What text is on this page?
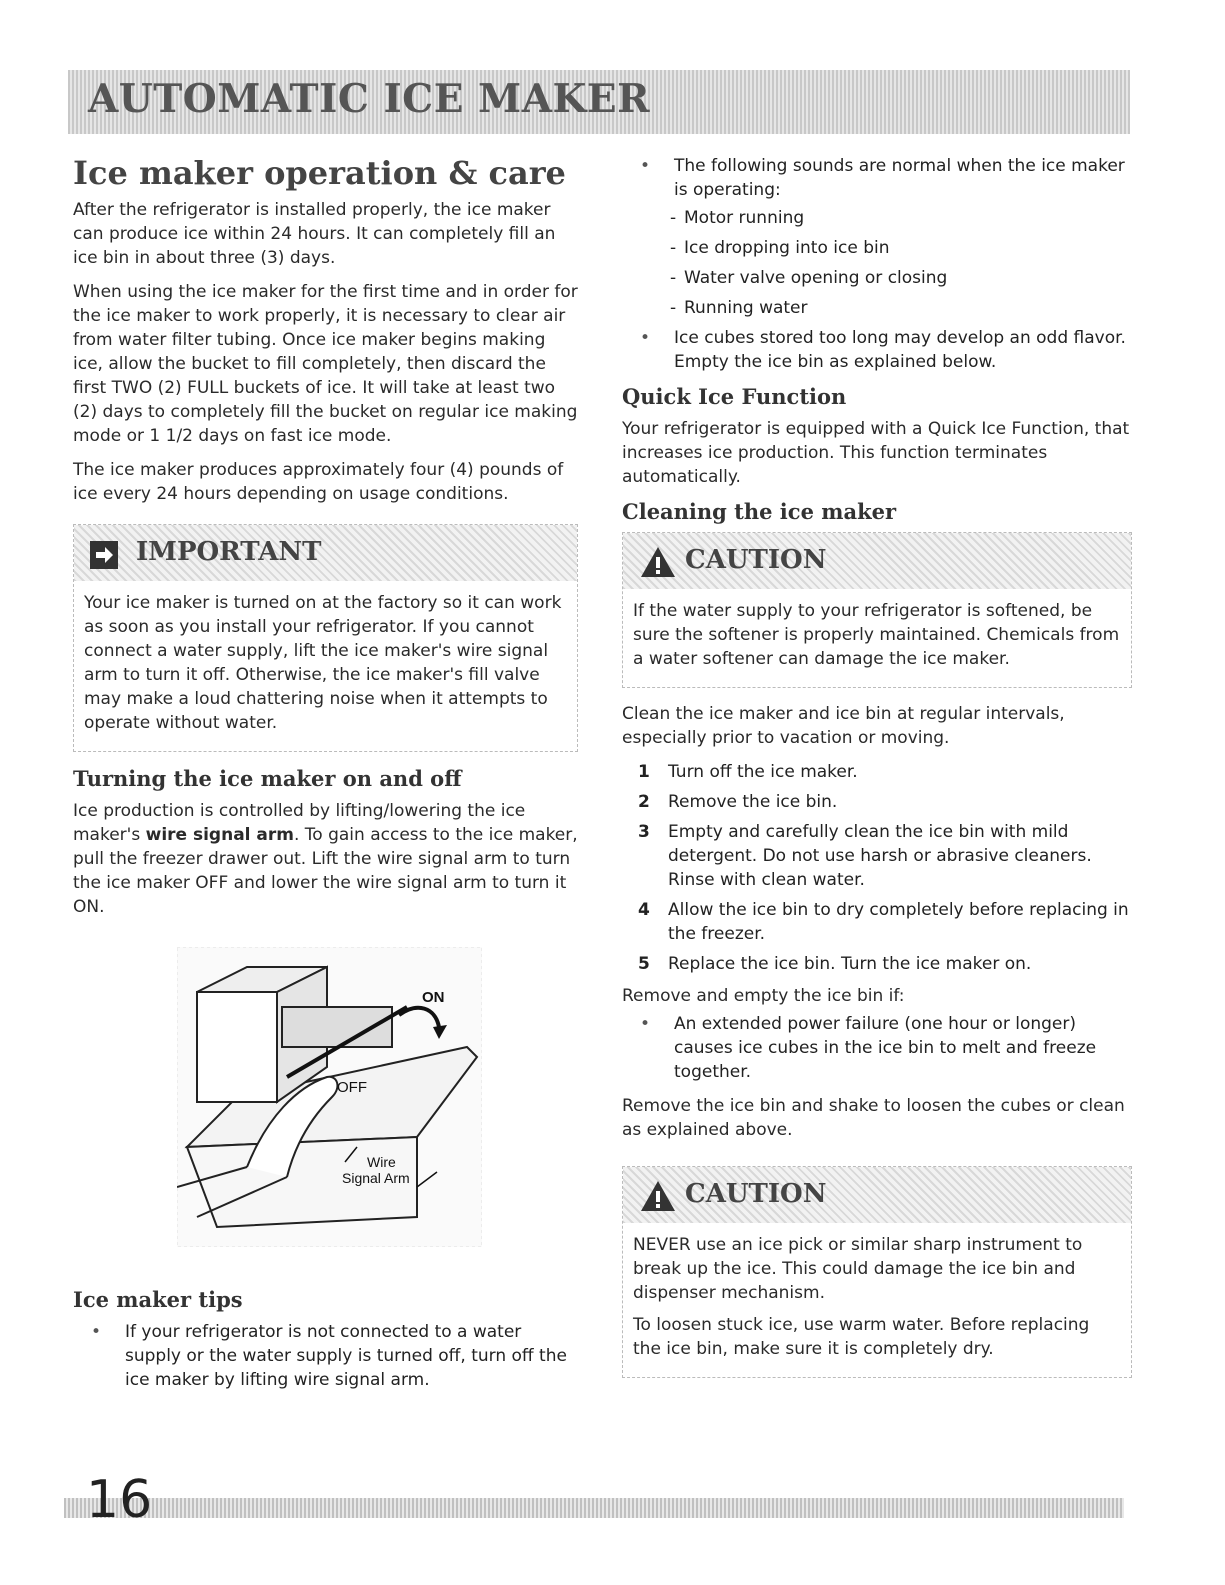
AUTOMATIC ICE MAKER
Ice maker operation & care

After the refrigerator is installed properly, the ice maker can produce ice within 24 hours. It can completely fill an ice bin in about three (3) days.

When using the ice maker for the first time and in order for the ice maker to work properly, it is necessary to clear air from water filter tubing. Once ice maker begins making ice, allow the bucket to fill completely, then discard the first TWO (2) FULL buckets of ice. It will take at least two (2) days to completely fill the bucket on regular ice making mode or 1 1/2 days on fast ice mode.

The ice maker produces approximately four (4) pounds of ice every 24 hours depending on usage conditions.

IMPORTANT

Your ice maker is turned on at the factory so it can work as soon as you install your refrigerator. If you cannot connect a water supply, lift the ice maker's wire signal arm to turn it off. Otherwise, the ice maker's fill valve may make a loud chattering noise when it attempts to operate without water.

Turning the ice maker on and off

Ice production is controlled by lifting/lowering the ice maker's wire signal arm. To gain access to the ice maker, pull the freezer drawer out. Lift the wire signal arm to turn the ice maker OFF and lower the wire signal arm to turn it ON.

ON
OFF
Wire
Signal Arm
Ice maker tips
• If your refrigerator is not connected to a water supply or the water supply is turned off, turn off the ice maker by lifting wire signal arm.
• The following sounds are normal when the ice maker is operating:
- Motor running
- Ice dropping into ice bin
- Water valve opening or closing
- Running water
• Ice cubes stored too long may develop an odd flavor. Empty the ice bin as explained below.
Quick Ice Function

Your refrigerator is equipped with a Quick Ice Function, that increases ice production. This function terminates automatically.

Cleaning the ice maker
CAUTION

If the water supply to your refrigerator is softened, be sure the softener is properly maintained. Chemicals from a water softener can damage the ice maker.

Clean the ice maker and ice bin at regular intervals, especially prior to vacation or moving.

1 Turn off the ice maker.
2 Remove the ice bin.
3 Empty and carefully clean the ice bin with mild detergent. Do not use harsh or abrasive cleaners. Rinse with clean water.
4 Allow the ice bin to dry completely before replacing in the freezer.
5 Replace the ice bin. Turn the ice maker on.

Remove and empty the ice bin if:

• An extended power failure (one hour or longer) causes ice cubes in the ice bin to melt and freeze together.

Remove the ice bin and shake to loosen the cubes or clean as explained above.

CAUTION

NEVER use an ice pick or similar sharp instrument to break up the ice. This could damage the ice bin and dispenser mechanism.

To loosen stuck ice, use warm water. Before replacing the ice bin, make sure it is completely dry.

16
